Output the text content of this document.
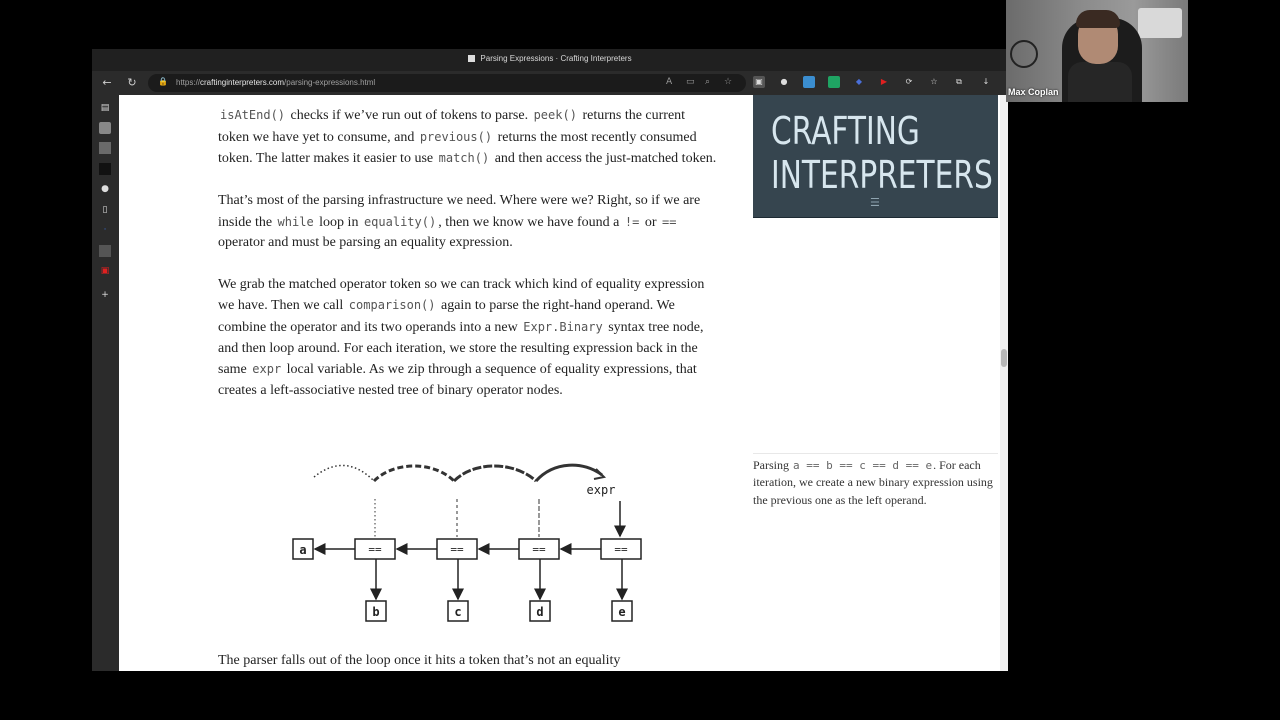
Parsing Expressions · Crafting Interpreters
←	↻	🔒 https://craftinginterpreters.com/parsing-expressions.html	A ▭ ⌕ ☆	▣	●	◆	▶	⟳	☆	⧉	↓
▤
●
▯
·
▣
+

isAtEnd() checks if we’ve run out of tokens to parse. peek() returns the current token we have yet to consume, and previous() returns the most recently consumed token. The latter makes it easier to use match() and then access the just-matched token.

That’s most of the parsing infrastructure we need. Where were we? Right, so if we are inside the while loop in equality() , then we know we have found a != or == operator and must be parsing an equality expression.

We grab the matched operator token so we can track which kind of equality expression we have. Then we call comparison() again to parse the right-hand operand. We combine the operator and its two operands into a new Expr.Binary syntax tree node, and then loop around. For each iteration, we store the resulting expression back in the same expr local variable. As we zip through a sequence of equality expressions, that creates a left-associative nested tree of binary operator nodes.

expr
a	==	==	==	==
b	c	d	e
The parser falls out of the loop once it hits a token that’s not an equality
CRAFTING
INTERPRETERS
☰
Parsing a == b == c == d == e. For each iteration, we create a new binary expression using the previous one as the left operand.
Max Coplan
